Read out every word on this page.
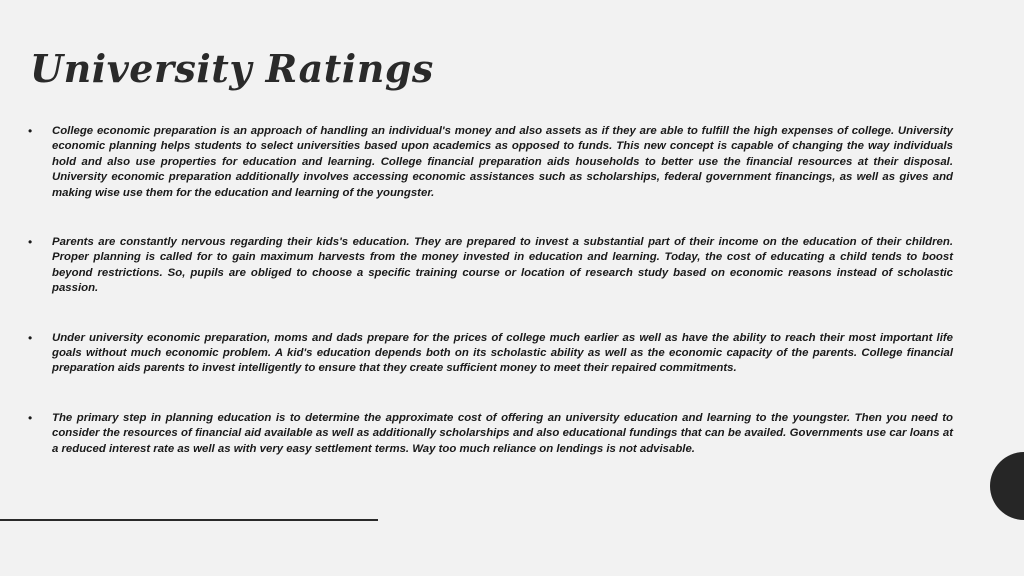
University Ratings
•	College economic preparation is an approach of handling an individual's money and also assets as if they are able to fulfill the high expenses of college. University economic planning helps students to select universities based upon academics as opposed to funds. This new concept is capable of changing the way individuals hold and also use properties for education and learning. College financial preparation aids households to better use the financial resources at their disposal. University economic preparation additionally involves accessing economic assistances such as scholarships, federal government financings, as well as gives and making wise use them for the education and learning of the youngster.
•	Parents are constantly nervous regarding their kids's education. They are prepared to invest a substantial part of their income on the education of their children. Proper planning is called for to gain maximum harvests from the money invested in education and learning. Today, the cost of educating a child tends to boost beyond restrictions. So, pupils are obliged to choose a specific training course or location of research study based on economic reasons instead of scholastic passion.
•	Under university economic preparation, moms and dads prepare for the prices of college much earlier as well as have the ability to reach their most important life goals without much economic problem. A kid's education depends both on its scholastic ability as well as the economic capacity of the parents. College financial preparation aids parents to invest intelligently to ensure that they create sufficient money to meet their repaired commitments.
•	The primary step in planning education is to determine the approximate cost of offering an university education and learning to the youngster. Then you need to consider the resources of financial aid available as well as additionally scholarships and also educational fundings that can be availed. Governments use car loans at a reduced interest rate as well as with very easy settlement terms. Way too much reliance on lendings is not advisable.
